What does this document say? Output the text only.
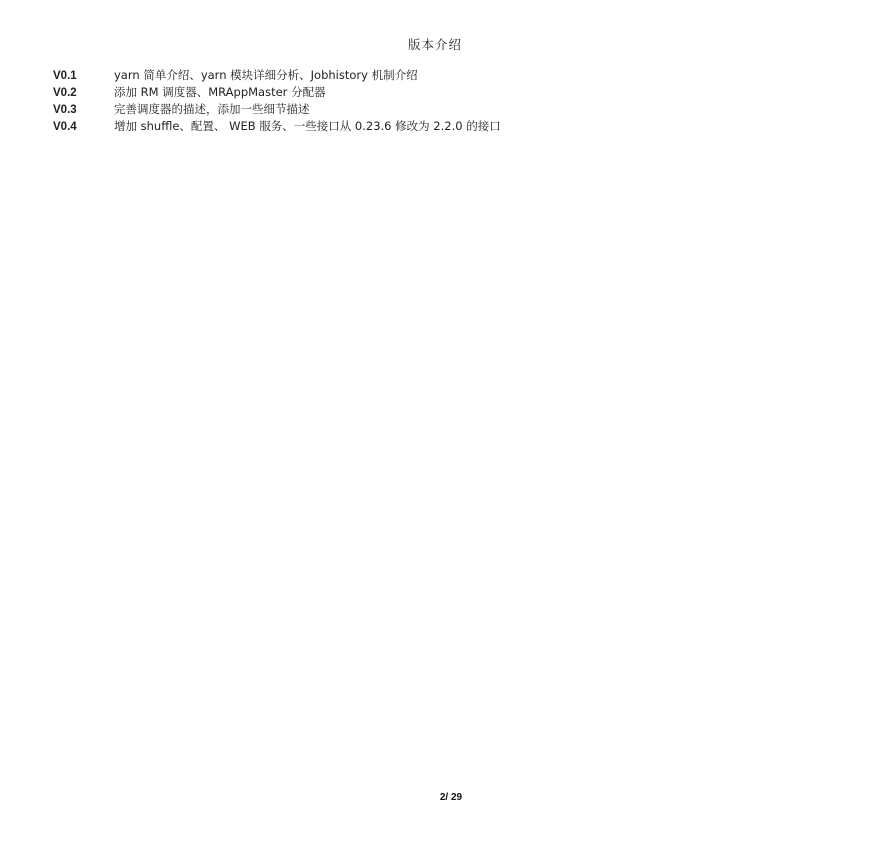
版本介绍
V0.1	yarn 简单介绍、yarn 模块详细分析、Jobhistory 机制介绍
V0.2	添加 RM 调度器、MRAppMaster 分配器
V0.3	完善调度器的描述，添加一些细节描述
V0.4	增加 shuffle、配置、 WEB 服务、一些接口从 0.23.6 修改为 2.2.0 的接口
2/ 29
